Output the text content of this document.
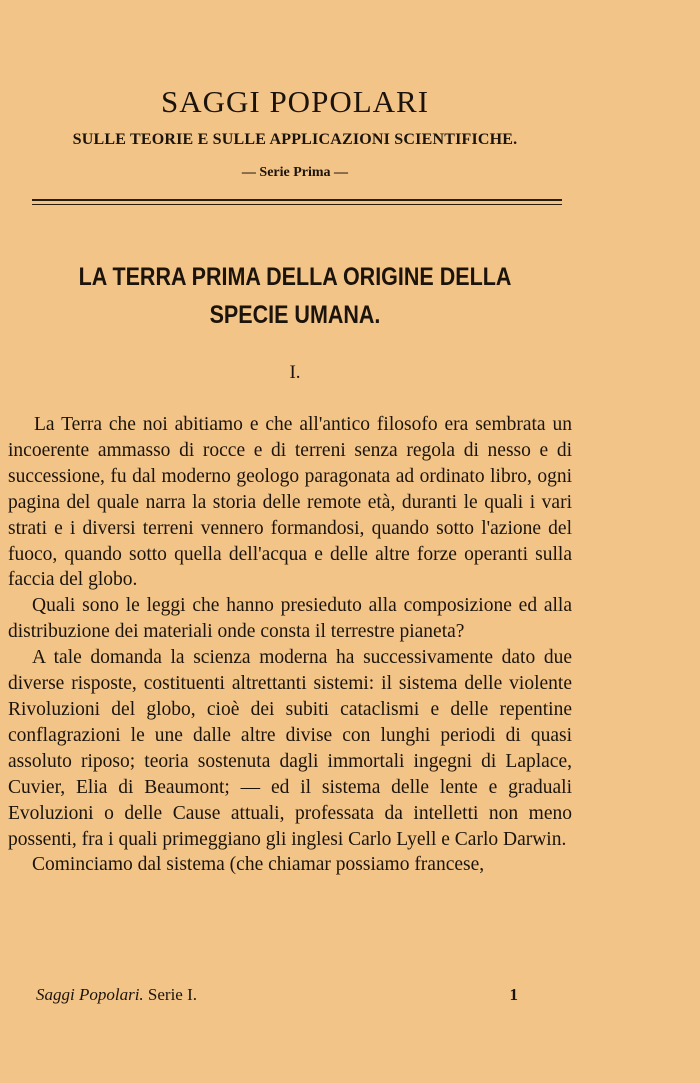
SAGGI POPOLARI
SULLE TEORIE E SULLE APPLICAZIONI SCIENTIFICHE.
— Serie Prima —
LA TERRA PRIMA DELLA ORIGINE DELLA SPECIE UMANA.
I.

La Terra che noi abitiamo e che all'antico filosofo era sembrata un incoerente ammasso di rocce e di terreni senza regola di nesso e di successione, fu dal moderno geologo paragonata ad ordinato libro, ogni pagina del quale narra la storia delle remote età, duranti le quali i vari strati e i diversi terreni vennero formandosi, quando sotto l'azione del fuoco, quando sotto quella dell'acqua e delle altre forze operanti sulla faccia del globo.

Quali sono le leggi che hanno presieduto alla composizione ed alla distribuzione dei materiali onde consta il terrestre pianeta?

A tale domanda la scienza moderna ha successivamente dato due diverse risposte, costituenti altrettanti sistemi: il sistema delle violente Rivoluzioni del globo, cioè dei subiti cataclismi e delle repentine conflagrazioni le une dalle altre divise con lunghi periodi di quasi assoluto riposo; teoria sostenuta dagli immortali ingegni di Laplace, Cuvier, Elia di Beaumont; — ed il sistema delle lente e graduali Evoluzioni o delle Cause attuali, professata da intelletti non meno possenti, fra i quali primeggiano gli inglesi Carlo Lyell e Carlo Darwin.

Cominciamo dal sistema (che chiamar possiamo francese,

Saggi Popolari. Serie I.	1
